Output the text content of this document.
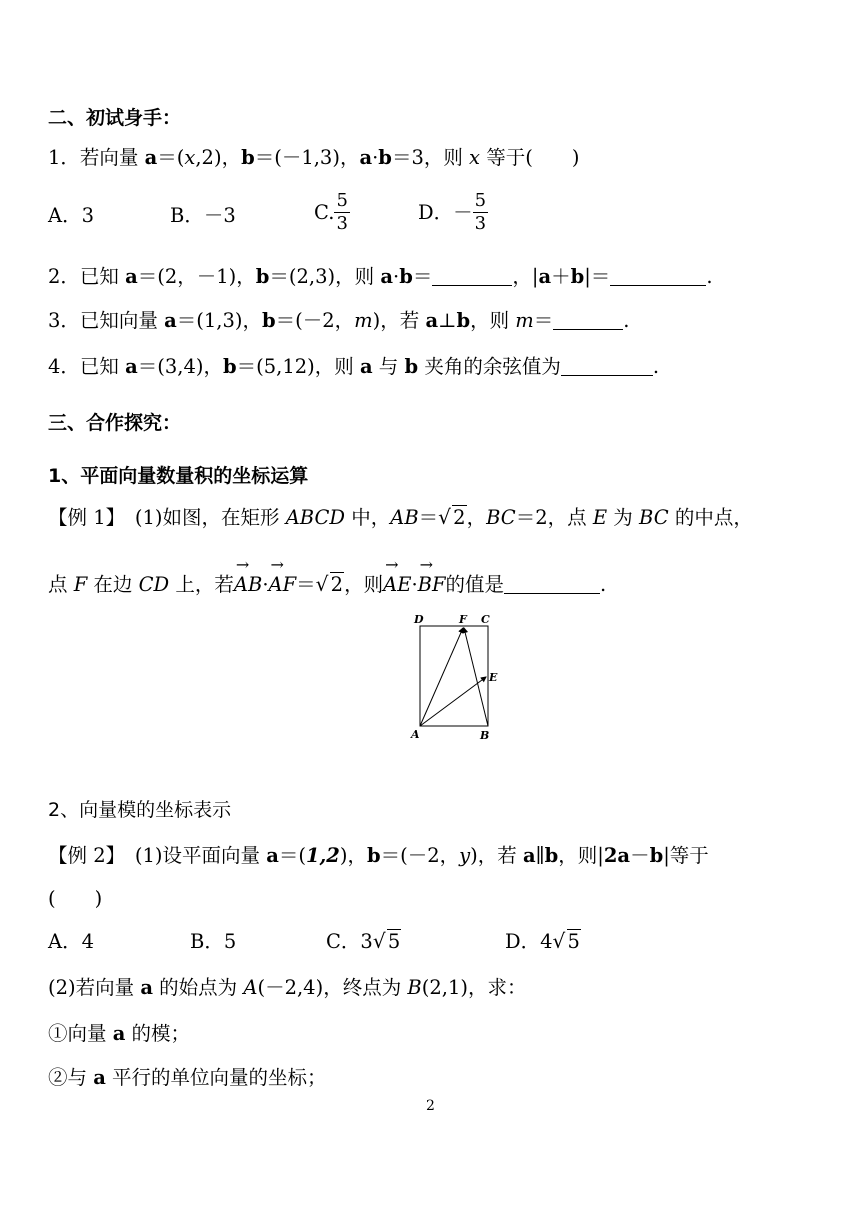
二、初试身手：
1．若向量 a＝(x,2)，b＝(－1,3)，a·b＝3，则 x 等于(　　)
A．3	B．－3	C. $\frac{5}{3}$	D．－ $\frac{5}{3}$
2．已知 a＝(2，－1)，b＝(2,3)，则 a·b＝	，|a＋b|＝	.
3．已知向量 a＝(1,3)，b＝(－2，m)，若 a⊥b，则 m＝	.
4．已知 a＝(3,4)，b＝(5,12)，则 a 与 b 夹角的余弦值为	.
三、合作探究：
1、平面向量数量积的坐标运算
【例 1】　(1)如图，在矩形 ABCD 中，AB＝ √ 2，BC＝2，点 E 为 BC 的中点，
点 F 在边 CD 上，若
→
AB·
→
AF＝ √ 2，则
→
AE·
→
BF的值是	.
D	F C
E
A	B
2、向量模的坐标表示
【例 2】　(1)设平面向量 a＝(1,2)，b＝(－2，y)，若 a∥b，则|2a－b|等于
(　　)
A．4	B．5	C．3 √ 5	D．4 √ 5
(2)若向量 a 的始点为 A(－2,4)，终点为 B(2,1)，求：
①向量 a 的模；
②与 a 平行的单位向量的坐标；
2
